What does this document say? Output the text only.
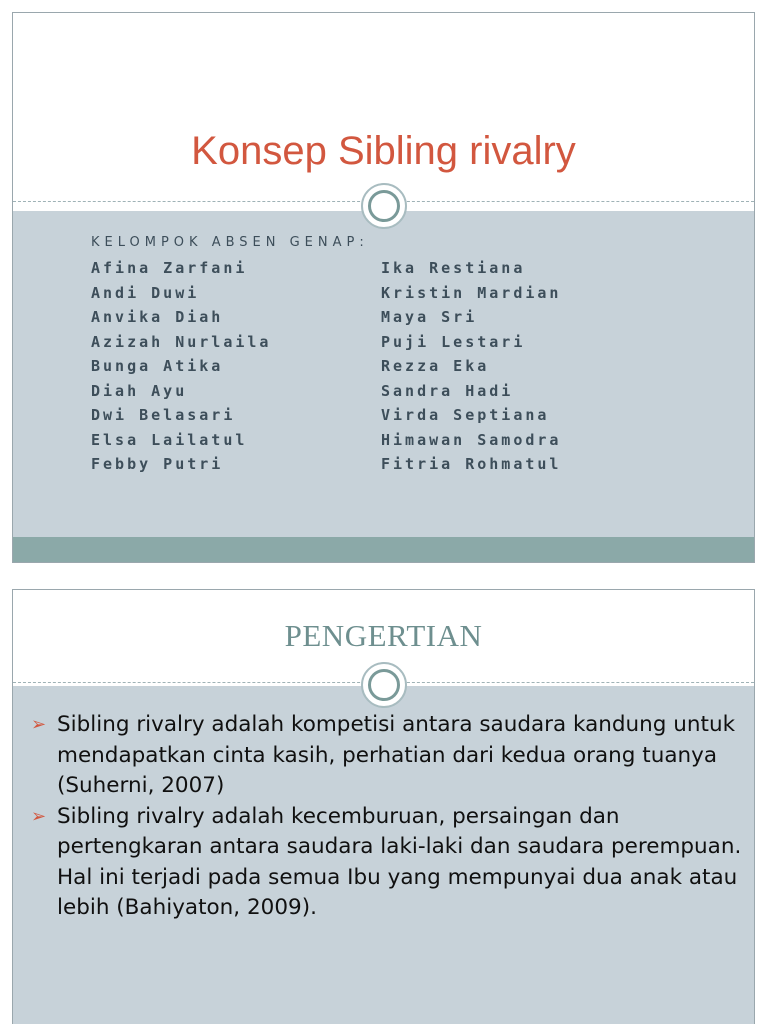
Konsep Sibling rivalry
KELOMPOK ABSEN GENAP:
Afina Zarfani
Andi Duwi
Anvika Diah
Azizah Nurlaila
Bunga Atika
Diah Ayu
Dwi Belasari
Elsa Lailatul
Febby Putri
Ika Restiana
Kristin Mardian
Maya Sri
Puji Lestari
Rezza Eka
Sandra Hadi
Virda Septiana
Himawan Samodra
Fitria Rohmatul
PENGERTIAN
➢ Sibling rivalry adalah kompetisi antara saudara kandung untuk mendapatkan cinta kasih, perhatian dari kedua orang tuanya (Suherni, 2007)
➢ Sibling rivalry adalah kecemburuan, persaingan dan pertengkaran antara saudara laki-laki dan saudara perempuan. Hal ini terjadi pada semua Ibu yang mempunyai dua anak atau lebih (Bahiyaton, 2009).
